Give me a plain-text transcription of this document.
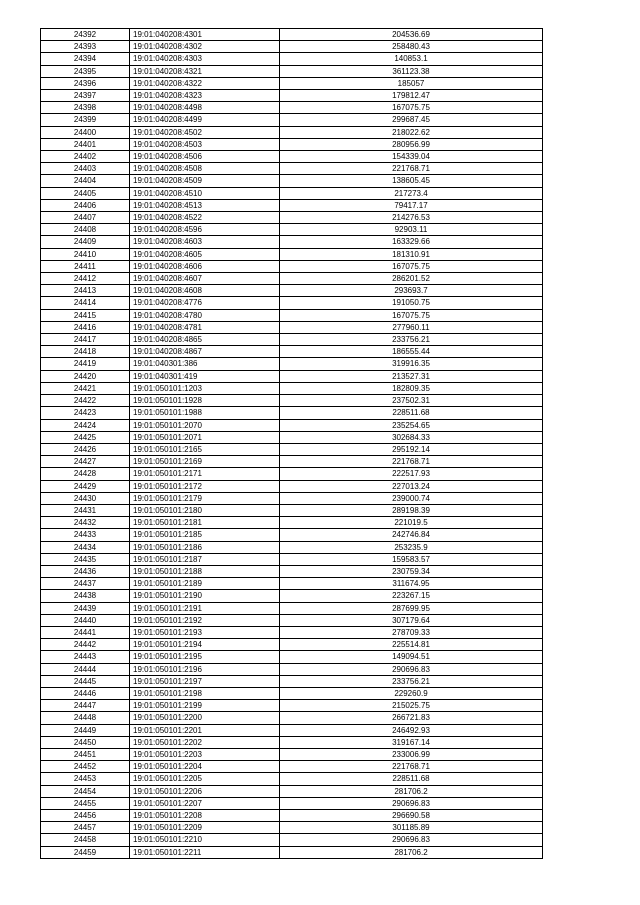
24392	19:01:040208:4301	204536.69
24393	19:01:040208:4302	258480.43
24394	19:01:040208:4303	140853.1
24395	19:01:040208:4321	361123.38
24396	19:01:040208:4322	185057
24397	19:01:040208:4323	179812.47
24398	19:01:040208:4498	167075.75
24399	19:01:040208:4499	299687.45
24400	19:01:040208:4502	218022.62
24401	19:01:040208:4503	280956.99
24402	19:01:040208:4506	154339.04
24403	19:01:040208:4508	221768.71
24404	19:01:040208:4509	138605.45
24405	19:01:040208:4510	217273.4
24406	19:01:040208:4513	79417.17
24407	19:01:040208:4522	214276.53
24408	19:01:040208:4596	92903.11
24409	19:01:040208:4603	163329.66
24410	19:01:040208:4605	181310.91
24411	19:01:040208:4606	167075.75
24412	19:01:040208:4607	286201.52
24413	19:01:040208:4608	293693.7
24414	19:01:040208:4776	191050.75
24415	19:01:040208:4780	167075.75
24416	19:01:040208:4781	277960.11
24417	19:01:040208:4865	233756.21
24418	19:01:040208:4867	186555.44
24419	19:01:040301:386	319916.35
24420	19:01:040301:419	213527.31
24421	19:01:050101:1203	182809.35
24422	19:01:050101:1928	237502.31
24423	19:01:050101:1988	228511.68
24424	19:01:050101:2070	235254.65
24425	19:01:050101:2071	302684.33
24426	19:01:050101:2165	295192.14
24427	19:01:050101:2169	221768.71
24428	19:01:050101:2171	222517.93
24429	19:01:050101:2172	227013.24
24430	19:01:050101:2179	239000.74
24431	19:01:050101:2180	289198.39
24432	19:01:050101:2181	221019.5
24433	19:01:050101:2185	242746.84
24434	19:01:050101:2186	253235.9
24435	19:01:050101:2187	159583.57
24436	19:01:050101:2188	230759.34
24437	19:01:050101:2189	311674.95
24438	19:01:050101:2190	223267.15
24439	19:01:050101:2191	287699.95
24440	19:01:050101:2192	307179.64
24441	19:01:050101:2193	278709.33
24442	19:01:050101:2194	225514.81
24443	19:01:050101:2195	149094.51
24444	19:01:050101:2196	290696.83
24445	19:01:050101:2197	233756.21
24446	19:01:050101:2198	229260.9
24447	19:01:050101:2199	215025.75
24448	19:01:050101:2200	266721.83
24449	19:01:050101:2201	246492.93
24450	19:01:050101:2202	319167.14
24451	19:01:050101:2203	233006.99
24452	19:01:050101:2204	221768.71
24453	19:01:050101:2205	228511.68
24454	19:01:050101:2206	281706.2
24455	19:01:050101:2207	290696.83
24456	19:01:050101:2208	296690.58
24457	19:01:050101:2209	301185.89
24458	19:01:050101:2210	290696.83
24459	19:01:050101:2211	281706.2
